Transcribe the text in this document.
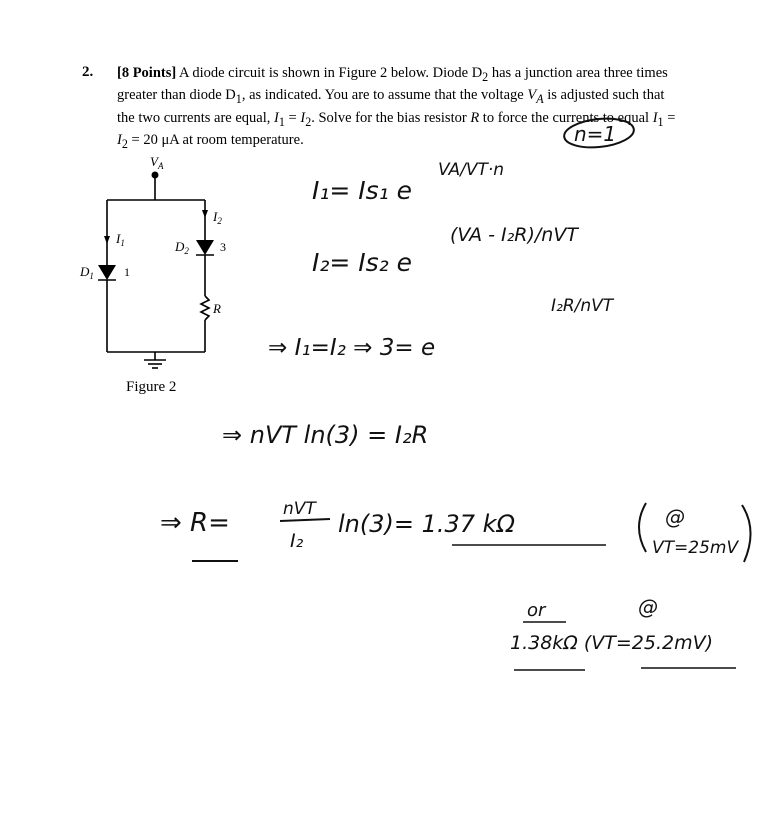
2. [8 Points] A diode circuit is shown in Figure 2 below. Diode $D_2$ has a junction area three times greater than diode $D_1$, as indicated. You are to assume that the voltage $V_A$ is adjusted such that the two currents are equal, $I_1 = I_2$. Solve for the bias resistor R to force the currents to equal $I_1 = I_2 = 20$ μA at room temperature.
$V_A$
$I_1$
$I_2$
$D_1$	1
$D_2$	3
R
Figure 2
n=1
VA/VT·n
I₁= Is₁ e
(VA - I₂R)/nVT
I₂= Is₂ e
I₂R/nVT
⇒ I₁=I₂ ⇒ 3= e
⇒ nVT ln(3) = I₂R
⇒ R=	nVT
I₂
ln(3)= 1.37 kΩ	@
VT=25mV
or	@
1.38kΩ (VT=25.2mV)
